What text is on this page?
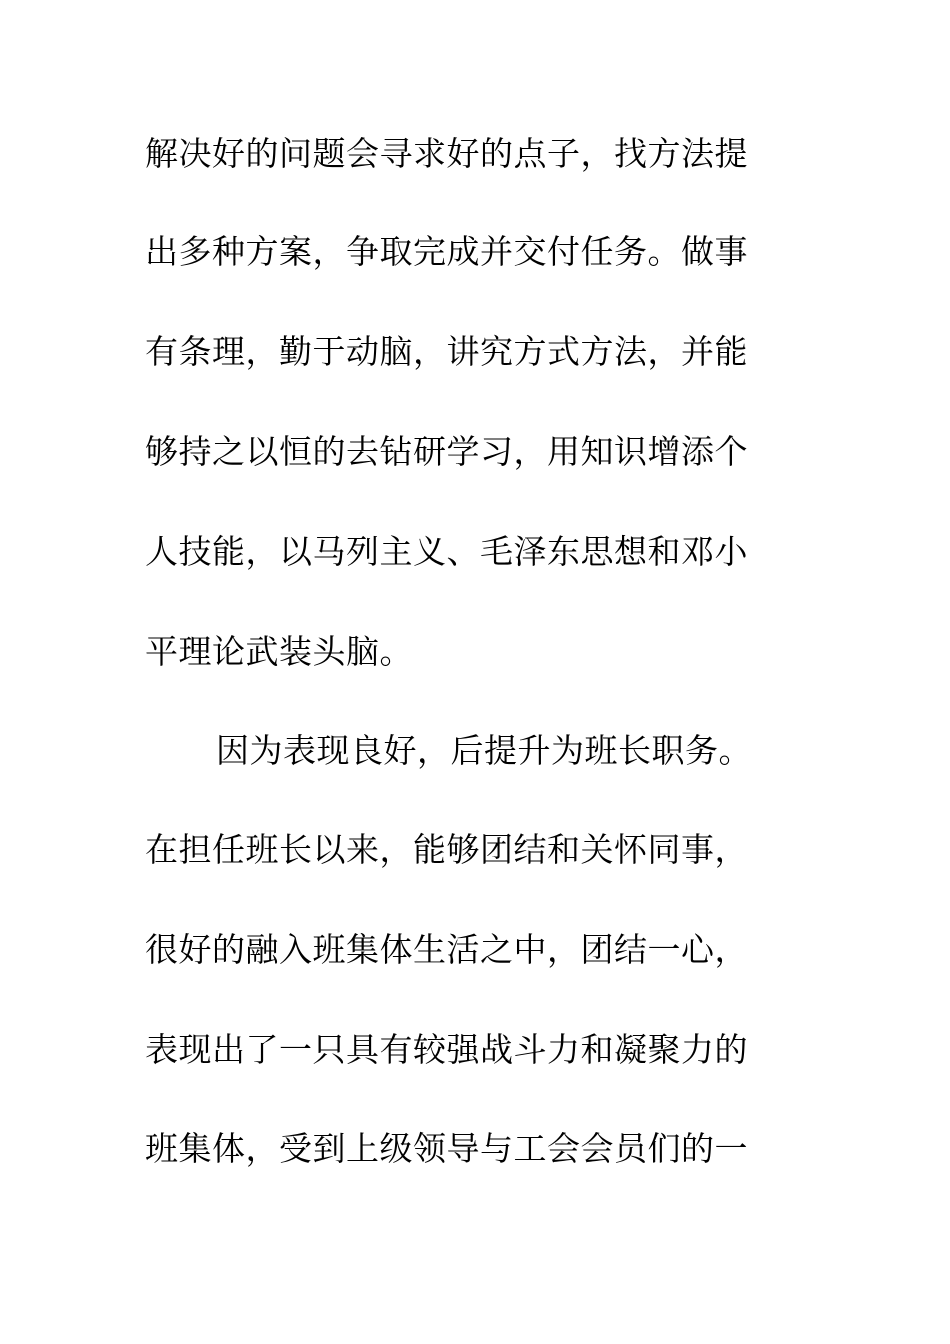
解决好的问题会寻求好的点子，找方法提
出多种方案，争取完成并交付任务。做事
有条理，勤于动脑，讲究方式方法，并能
够持之以恒的去钻研学习，用知识增添个
人技能，以马列主义、毛泽东思想和邓小
平理论武装头脑。
因为表现良好，后提升为班长职务。
在担任班长以来，能够团结和关怀同事，
很好的融入班集体生活之中，团结一心，
表现出了一只具有较强战斗力和凝聚力的
班集体，受到上级领导与工会会员们的一
